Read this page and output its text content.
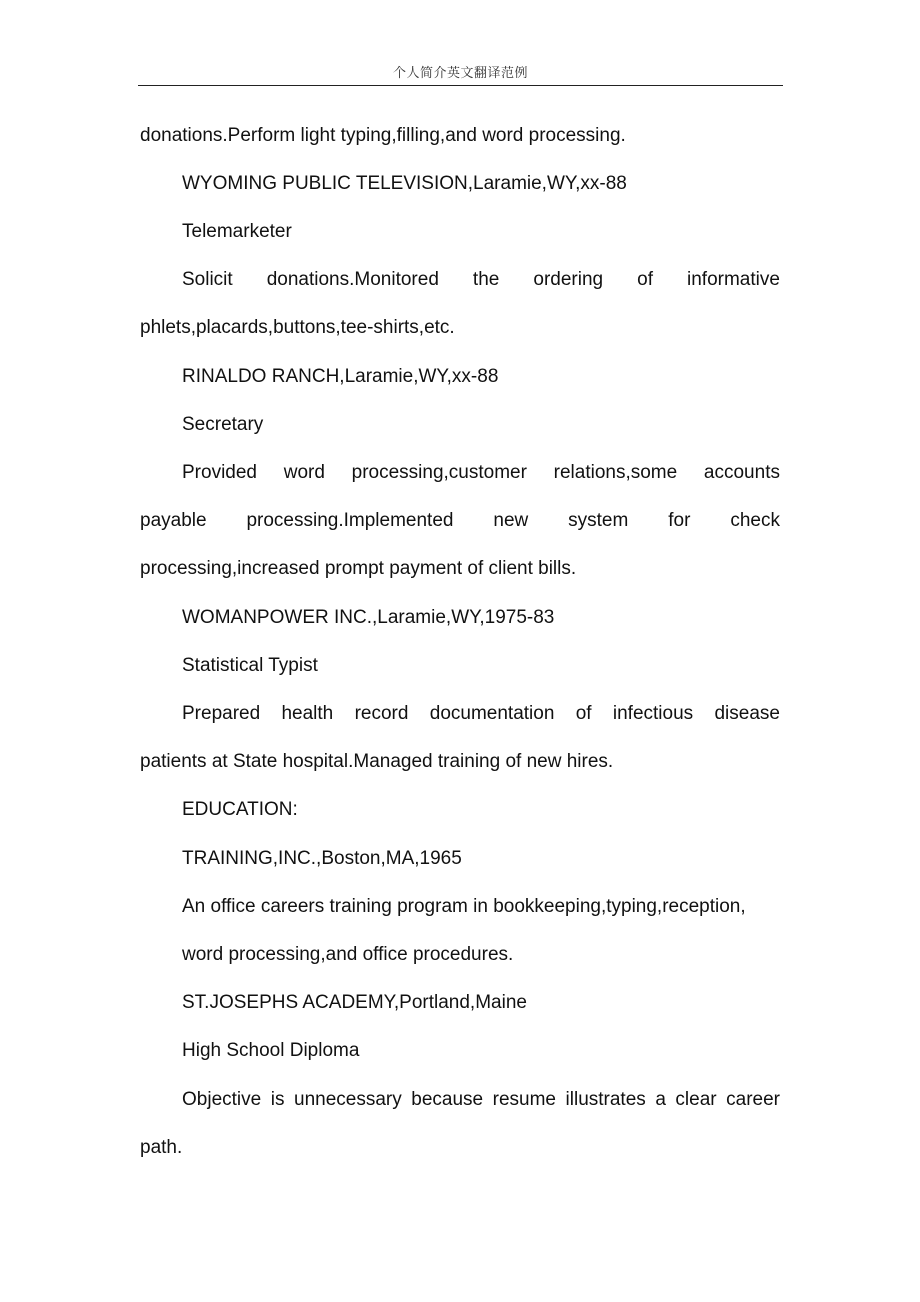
个人简介英文翻译范例
donations.Perform light typing,filling,and word processing.
WYOMING PUBLIC TELEVISION,Laramie,WY,xx-88
Telemarketer
Solicit donations.Monitored the ordering of informative
phlets,placards,buttons,tee-shirts,etc.
RINALDO RANCH,Laramie,WY,xx-88
Secretary
Provided word processing,customer relations,some accounts
payable processing.Implemented new system for check
processing,increased prompt payment of client bills.
WOMANPOWER INC.,Laramie,WY,1975-83
Statistical Typist
Prepared health record documentation of infectious disease
patients at State hospital.Managed training of new hires.
EDUCATION:
TRAINING,INC.,Boston,MA,1965
An office careers training program in bookkeeping,typing,reception,
word processing,and office procedures.
ST.JOSEPHS ACADEMY,Portland,Maine
High School Diploma
Objective is unnecessary because resume illustrates a clear career
path.
